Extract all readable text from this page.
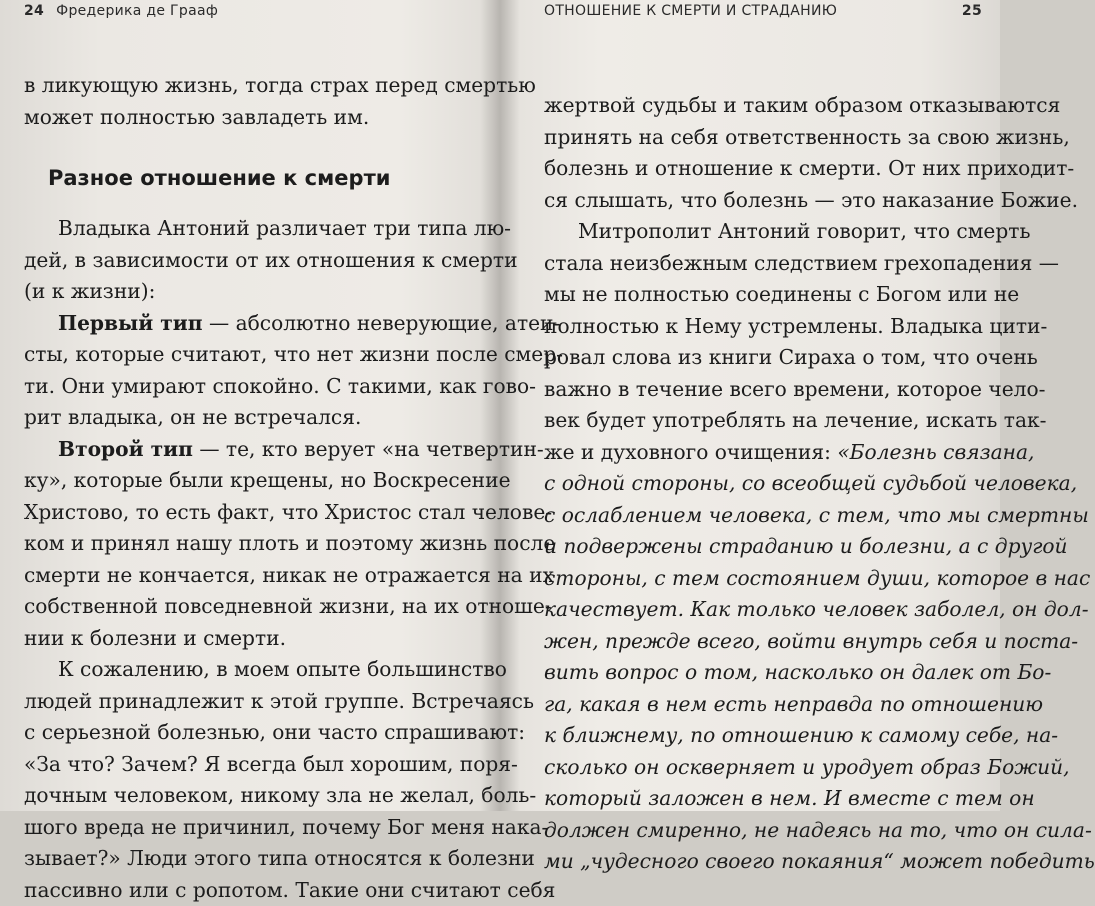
24 Фредерика де Грааф
в ликующую жизнь, тогда страх перед смертью
может полностью завладеть им.
Разное отношение к смерти
Владыка Антоний различает три типа лю-
дей, в зависимости от их отношения к смерти
(и к жизни):
Первый тип — абсолютно неверующие, атеи-
сты, которые считают, что нет жизни после смер-
ти. Они умирают спокойно. С такими, как гово-
рит владыка, он не встречался.
Второй тип — те, кто верует «на четвертин-
ку», которые были крещены, но Воскресение
Христово, то есть факт, что Христос стал челове-
ком и принял нашу плоть и поэтому жизнь после
смерти не кончается, никак не отражается на их
собственной повседневной жизни, на их отноше-
нии к болезни и смерти.
К сожалению, в моем опыте большинство
людей принадлежит к этой группе. Встречаясь
с серьезной болезнью, они часто спрашивают:
«За что? Зачем? Я всегда был хорошим, поря-
дочным человеком, никому зла не желал, боль-
шого вреда не причинил, почему Бог меня нака-
зывает?» Люди этого типа относятся к болезни
пассивно или с ропотом. Такие они считают себя
ОТНОШЕНИЕ К СМЕРТИ И СТРАДАНИЮ	25
жертвой судьбы и таким образом отказываются
принять на себя ответственность за свою жизнь,
болезнь и отношение к смерти. От них приходит-
ся слышать, что болезнь — это наказание Божие.
Митрополит Антоний говорит, что смерть
стала неизбежным следствием грехопадения —
мы не полностью соединены с Богом или не
полностью к Нему устремлены. Владыка цити-
ровал слова из книги Сираха о том, что очень
важно в течение всего времени, которое чело-
век будет употреблять на лечение, искать так-
же и духовного очищения: «Болезнь связана,
с одной стороны, со всеобщей судьбой человека,
с ослаблением человека, с тем, что мы смертны
и подвержены страданию и болезни, а с другой
стороны, с тем состоянием души, которое в нас
качествует. Как только человек заболел, он дол-
жен, прежде всего, войти внутрь себя и поста-
вить вопрос о том, насколько он далек от Бо-
га, какая в нем есть неправда по отношению
к ближнему, по отношению к самому себе, на-
сколько он оскверняет и уродует образ Божий,
который заложен в нем. И вместе с тем он
должен смиренно, не надеясь на то, что он сила-
ми „чудесного своего покаяния“ может победить
